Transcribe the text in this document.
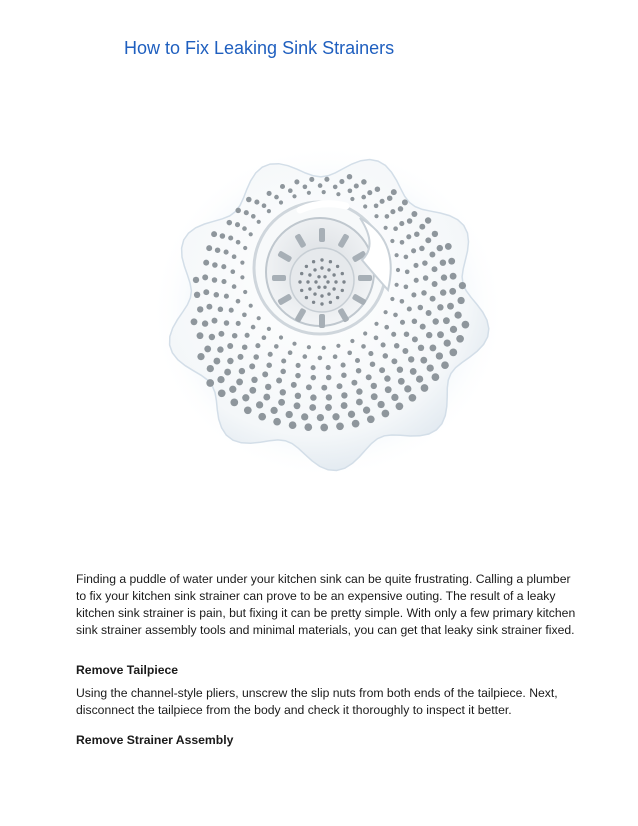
How to Fix Leaking Sink Strainers

Finding a puddle of water under your kitchen sink can be quite frustrating. Calling a plumber to fix your kitchen sink strainer can prove to be an expensive outing. The result of a leaky kitchen sink strainer is pain, but fixing it can be pretty simple. With only a few primary kitchen sink strainer assembly tools and minimal materials, you can get that leaky sink strainer fixed.

Remove Tailpiece

Using the channel-style pliers, unscrew the slip nuts from both ends of the tailpiece. Next, disconnect the tailpiece from the body and check it thoroughly to inspect it better.

Remove Strainer Assembly
